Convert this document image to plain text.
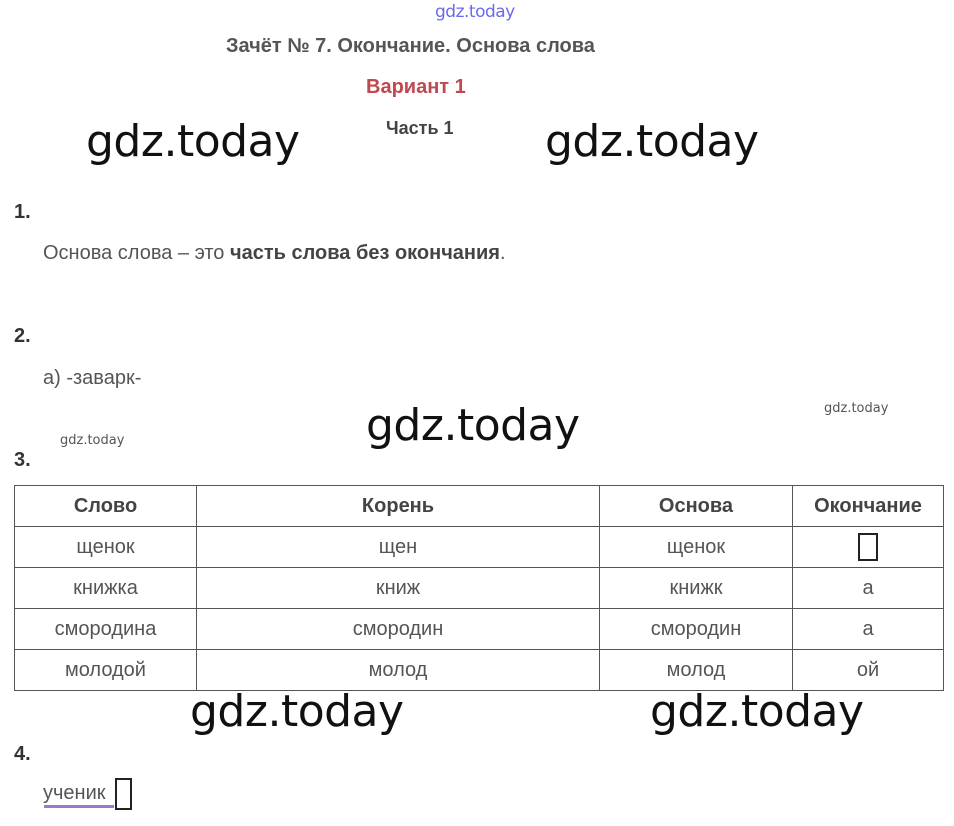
gdz.today
gdz.today	gdz.today
gdz.today	gdz.today
gdz.today
gdz.today	gdz.today
Зачёт № 7. Окончание. Основа слова
Вариант 1
Часть 1
1.
Основа слова – это часть слова без окончания.
2.
а) -заварк-
3.
Слово	Корень	Основа	Окончание
щенок	щен	щенок	
книжка	книж	книжк	а
смородина	смородин	смородин	а
молодой	молод	молод	ой
4.
ученик
